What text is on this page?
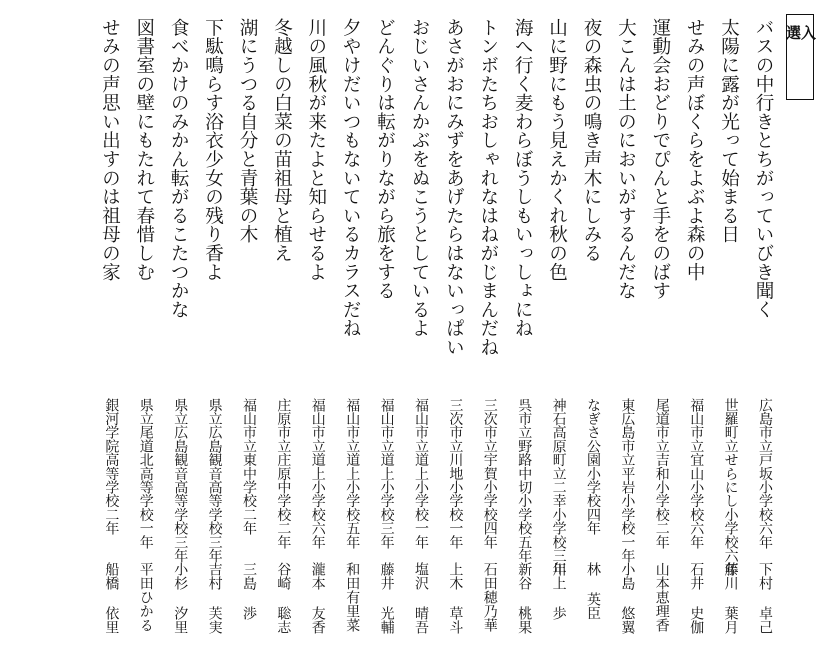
入 選
バスの中行きとちがっていびき聞く
広島市立戸坂小学校六年
下村 卓己
太陽に露が光って始まる日
世羅町立せらにし小学校六年
藤川 葉月
せみの声ぼくらをよぶよ森の中
福山市立宜山小学校六年
石井 史伽
運動会おどりでぴんと手をのばす
尾道市立吉和小学校二年
山本恵理香
大こんは土のにおいがするんだな
東広島市立平岩小学校一年
小島 悠翼
夜の森虫の鳴き声木にしみる
なぎさ公園小学校四年
林 英臣
山に野にもう見えかくれ秋の色
神石高原町立二幸小学校三年
川上 歩
海へ行く麦わらぼうしもいっしょにね
呉市立野路中切小学校五年
新谷 桃果
トンボたちおしゃれなはねがじまんだね
三次市立宇賀小学校四年
石田穂乃華
あさがおにみずをあげたらはないっぱい
三次市立川地小学校一年
上木 草斗
おじいさんかぶをぬこうとしているよ
福山市立道上小学校一年
塩沢 晴吾
どんぐりは転がりながら旅をする
福山市立道上小学校三年
藤井 光輔
夕やけだいつもないているカラスだね
福山市立道上小学校五年
和田有里菜
川の風秋が来たよと知らせるよ
福山市立道上小学校六年
瀧本 友香
冬越しの白菜の苗祖母と植え
庄原市立庄原中学校二年
谷崎 聡志
湖にうつる自分と青葉の木
福山市立東中学校二年
三島 渉
下駄鳴らす浴衣少女の残り香よ
県立広島観音高等学校三年
吉村 芙実
食べかけのみかん転がるこたつかな
県立広島観音高等学校三年
小杉 汐里
図書室の壁にもたれて春惜しむ
県立尾道北高等学校一年
平田ひかる
せみの声思い出すのは祖母の家
銀河学院高等学校二年
船橋 依里
